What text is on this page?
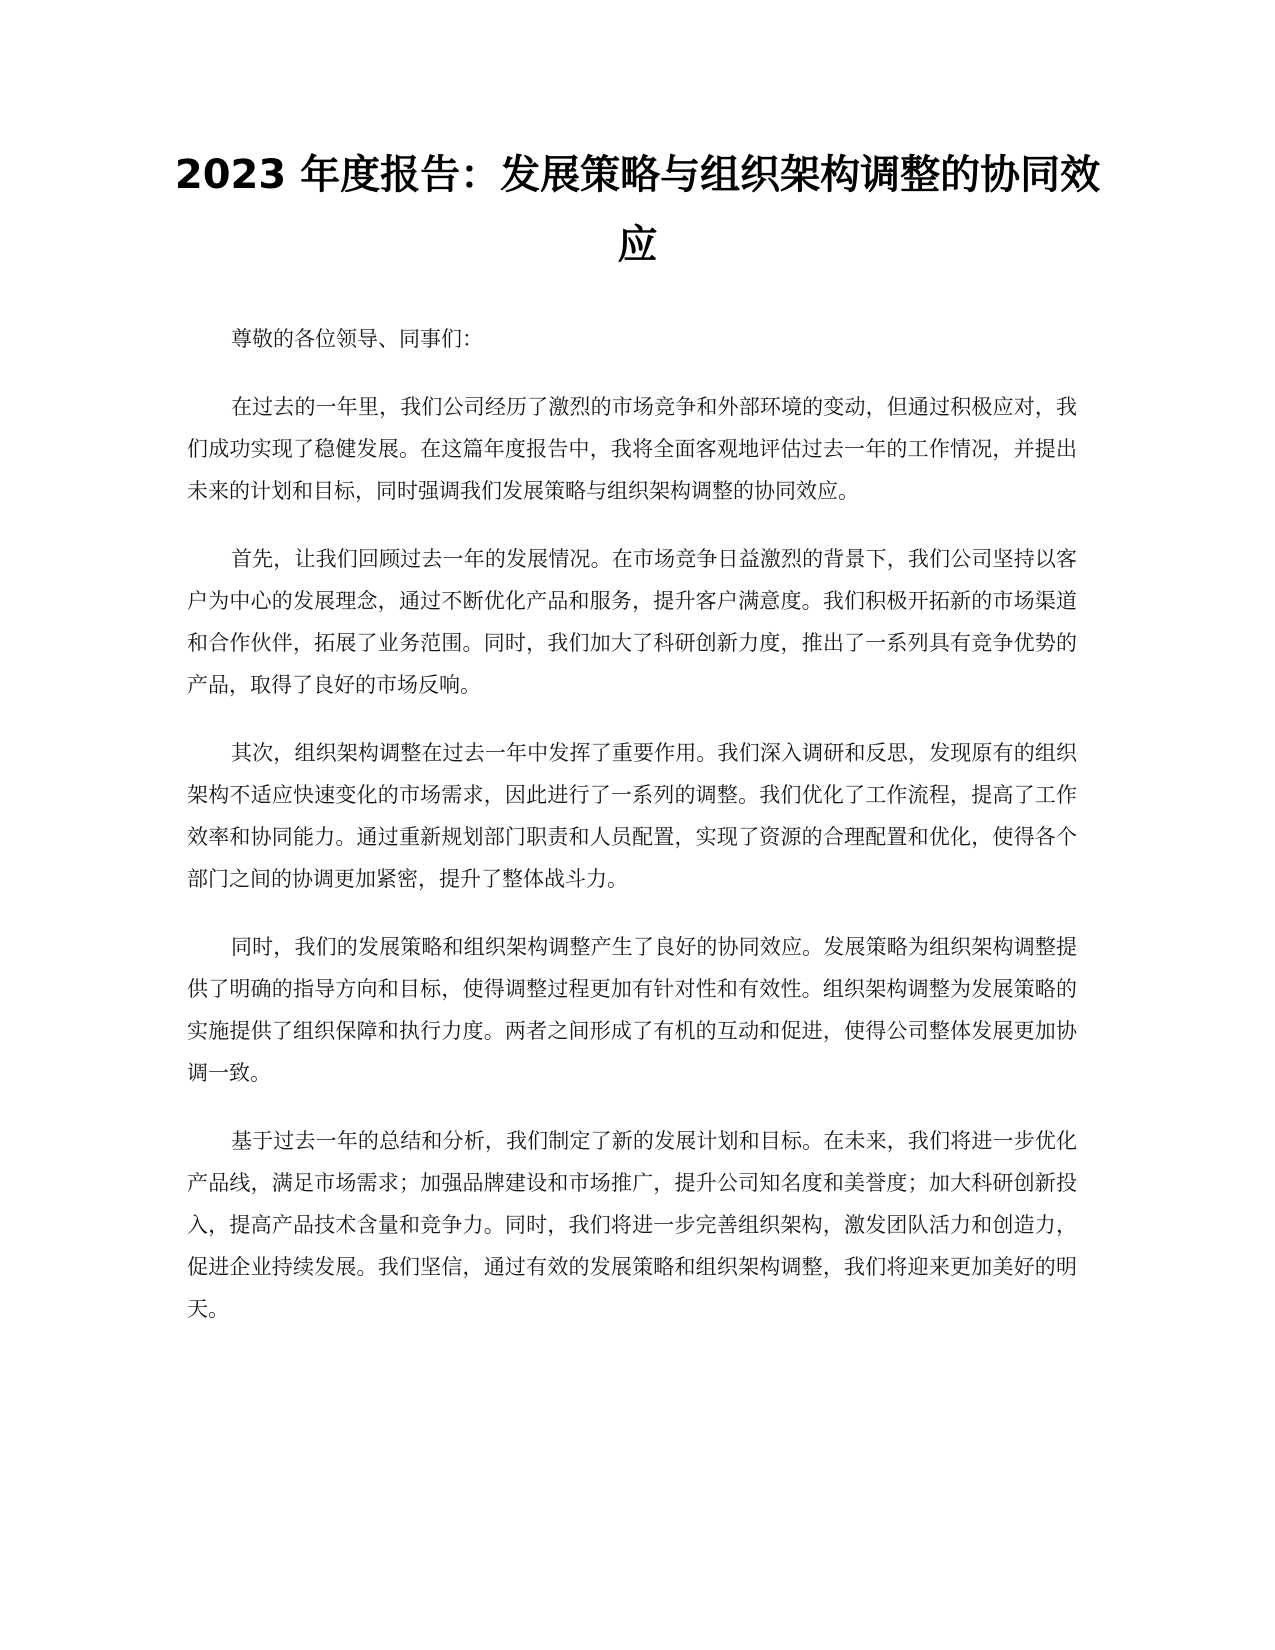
2023 年度报告：发展策略与组织架构调整的协同效应

尊敬的各位领导、同事们：

在过去的一年里，我们公司经历了激烈的市场竞争和外部环境的变动，但通过积极应对，我们成功实现了稳健发展。在这篇年度报告中，我将全面客观地评估过去一年的工作情况，并提出未来的计划和目标，同时强调我们发展策略与组织架构调整的协同效应。

首先，让我们回顾过去一年的发展情况。在市场竞争日益激烈的背景下，我们公司坚持以客户为中心的发展理念，通过不断优化产品和服务，提升客户满意度。我们积极开拓新的市场渠道和合作伙伴，拓展了业务范围。同时，我们加大了科研创新力度，推出了一系列具有竞争优势的产品，取得了良好的市场反响。

其次，组织架构调整在过去一年中发挥了重要作用。我们深入调研和反思，发现原有的组织架构不适应快速变化的市场需求，因此进行了一系列的调整。我们优化了工作流程，提高了工作效率和协同能力。通过重新规划部门职责和人员配置，实现了资源的合理配置和优化，使得各个部门之间的协调更加紧密，提升了整体战斗力。

同时，我们的发展策略和组织架构调整产生了良好的协同效应。发展策略为组织架构调整提供了明确的指导方向和目标，使得调整过程更加有针对性和有效性。组织架构调整为发展策略的实施提供了组织保障和执行力度。两者之间形成了有机的互动和促进，使得公司整体发展更加协调一致。

基于过去一年的总结和分析，我们制定了新的发展计划和目标。在未来，我们将进一步优化产品线，满足市场需求；加强品牌建设和市场推广，提升公司知名度和美誉度；加大科研创新投入，提高产品技术含量和竞争力。同时，我们将进一步完善组织架构，激发团队活力和创造力，促进企业持续发展。我们坚信，通过有效的发展策略和组织架构调整，我们将迎来更加美好的明天。
